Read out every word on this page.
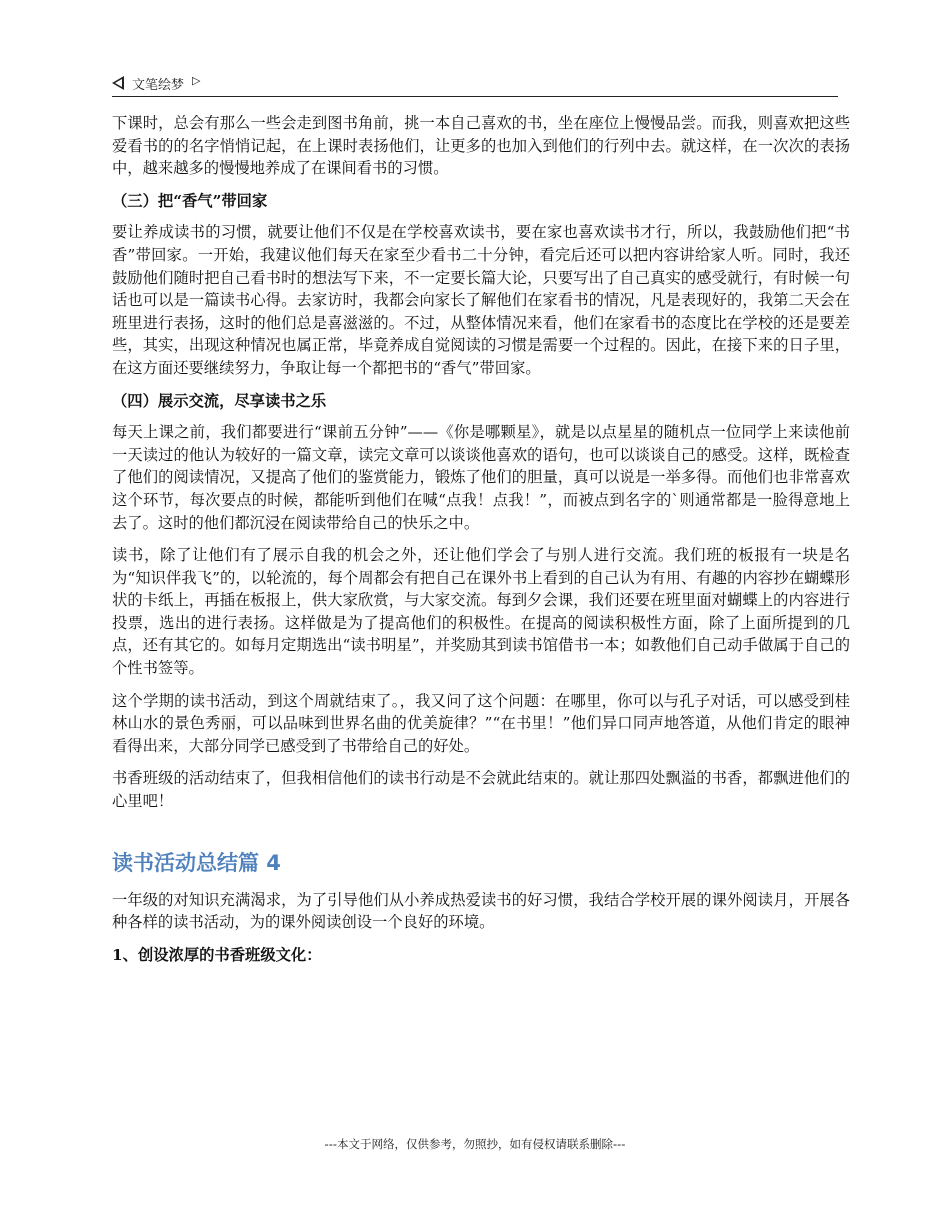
文笔绘梦 ▷

下课时，总会有那么一些会走到图书角前，挑一本自己喜欢的书，坐在座位上慢慢品尝。而我，则喜欢把这些爱看书的的名字悄悄记起，在上课时表扬他们，让更多的也加入到他们的行列中去。就这样，在一次次的表扬中，越来越多的慢慢地养成了在课间看书的习惯。

（三）把“香气”带回家

要让养成读书的习惯，就要让他们不仅是在学校喜欢读书，要在家也喜欢读书才行，所以，我鼓励他们把“书香”带回家。一开始，我建议他们每天在家至少看书二十分钟，看完后还可以把内容讲给家人听。同时，我还鼓励他们随时把自己看书时的想法写下来，不一定要长篇大论，只要写出了自己真实的感受就行，有时候一句话也可以是一篇读书心得。去家访时，我都会向家长了解他们在家看书的情况，凡是表现好的，我第二天会在班里进行表扬，这时的他们总是喜滋滋的。不过，从整体情况来看，他们在家看书的态度比在学校的还是要差些，其实，出现这种情况也属正常，毕竟养成自觉阅读的习惯是需要一个过程的。因此，在接下来的日子里，在这方面还要继续努力，争取让每一个都把书的“香气”带回家。

（四）展示交流，尽享读书之乐

每天上课之前，我们都要进行“课前五分钟”——《你是哪颗星》，就是以点星星的随机点一位同学上来读他前一天读过的他认为较好的一篇文章，读完文章可以谈谈他喜欢的语句，也可以谈谈自己的感受。这样，既检查了他们的阅读情况，又提高了他们的鉴赏能力，锻炼了他们的胆量，真可以说是一举多得。而他们也非常喜欢这个环节，每次要点的时候，都能听到他们在喊“点我！点我！”，而被点到名字的`则通常都是一脸得意地上去了。这时的他们都沉浸在阅读带给自己的快乐之中。

读书，除了让他们有了展示自我的机会之外，还让他们学会了与别人进行交流。我们班的板报有一块是名为“知识伴我飞”的，以轮流的，每个周都会有把自己在课外书上看到的自己认为有用、有趣的内容抄在蝴蝶形状的卡纸上，再插在板报上，供大家欣赏，与大家交流。每到夕会课，我们还要在班里面对蝴蝶上的内容进行投票，选出的进行表扬。这样做是为了提高他们的积极性。在提高的阅读积极性方面，除了上面所提到的几点，还有其它的。如每月定期选出“读书明星”，并奖励其到读书馆借书一本；如教他们自己动手做属于自己的个性书签等。

这个学期的读书活动，到这个周就结束了。，我又问了这个问题：在哪里，你可以与孔子对话，可以感受到桂林山水的景色秀丽，可以品味到世界名曲的优美旋律？”“在书里！”他们异口同声地答道，从他们肯定的眼神看得出来，大部分同学已感受到了书带给自己的好处。

书香班级的活动结束了，但我相信他们的读书行动是不会就此结束的。就让那四处飘溢的书香，都飘进他们的心里吧！

读书活动总结篇 4

一年级的对知识充满渴求，为了引导他们从小养成热爱读书的好习惯，我结合学校开展的课外阅读月，开展各种各样的读书活动，为的课外阅读创设一个良好的环境。

1、创设浓厚的书香班级文化：
---本文于网络，仅供参考，勿照抄，如有侵权请联系删除---
